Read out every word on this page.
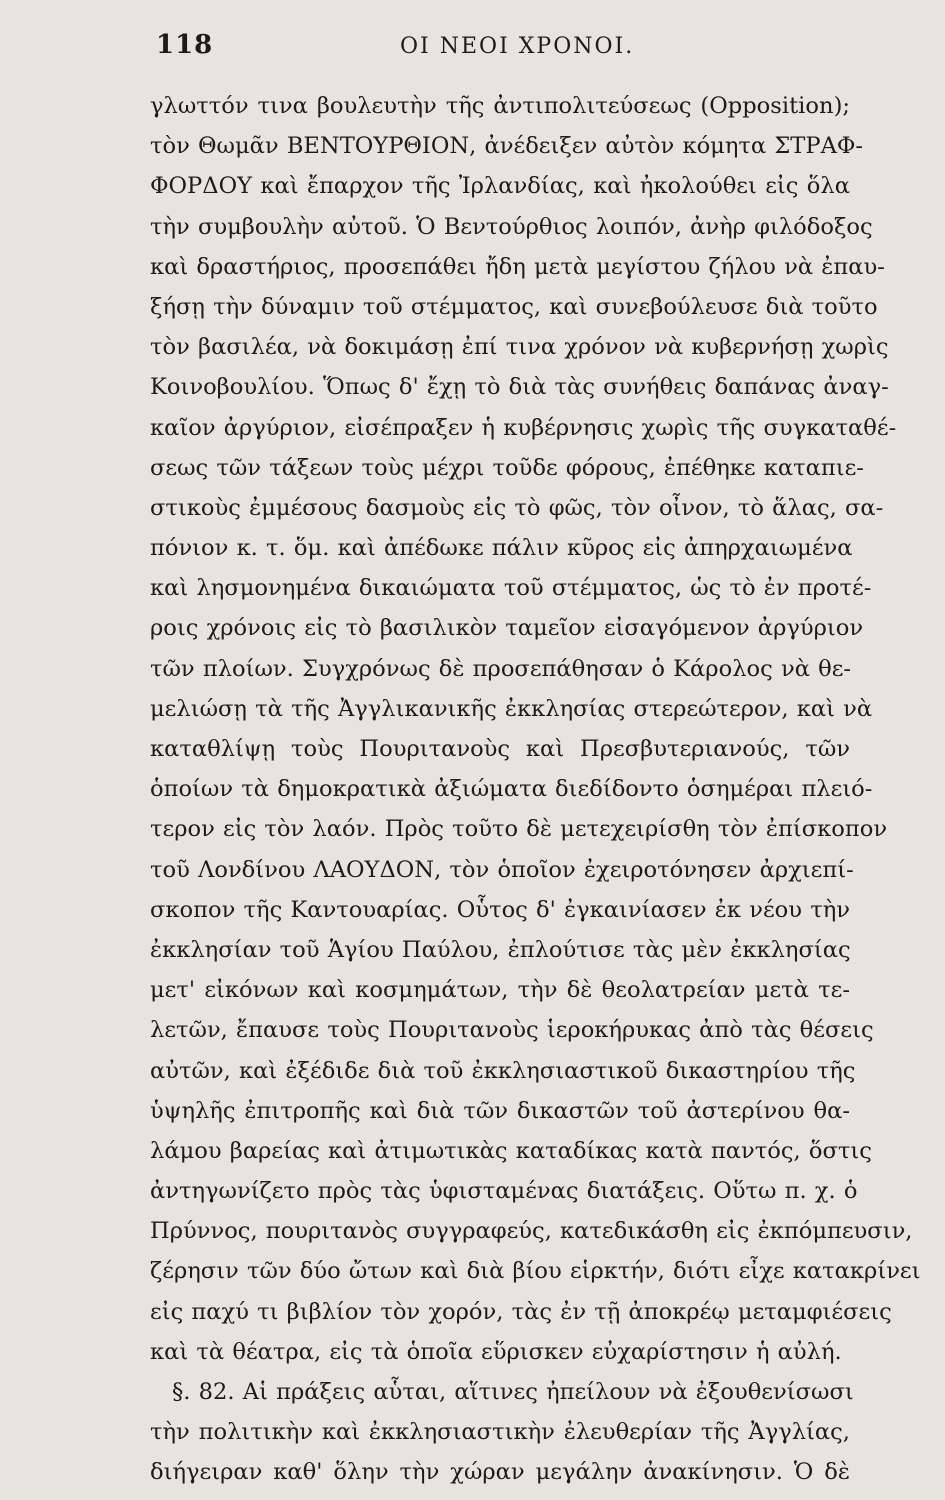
118	ΟΙ ΝΕΟΙ ΧΡΟΝΟΙ.
γλωττόν τινα βουλευτὴν τῆς ἀντιπολιτεύσεως (Opposition);
τὸν Θωμᾶν ΒΕΝΤΟΥΡΘΙΟΝ, ἀνέδειξεν αὐτὸν κόμητα ΣΤΡΑΦ-
ΦΟΡΔΟΥ καὶ ἔπαρχον τῆς Ἰρλανδίας, καὶ ἠκολούθει εἰς ὅλα
τὴν συμβουλὴν αὐτοῦ. Ὁ Βεντούρθιος λοιπόν, ἀνὴρ φιλόδοξος
καὶ δραστήριος, προσεπάθει ἤδη μετὰ μεγίστου ζήλου νὰ ἐπαυ-
ξήσῃ τὴν δύναμιν τοῦ στέμματος, καὶ συνεβούλευσε διὰ τοῦτο
τὸν βασιλέα, νὰ δοκιμάσῃ ἐπί τινα χρόνον νὰ κυβερνήσῃ χωρὶς
Κοινοβουλίου. Ὅπως δ' ἔχῃ τὸ διὰ τὰς συνήθεις δαπάνας ἀναγ-
καῖον ἀργύριον, εἰσέπραξεν ἡ κυβέρνησις χωρὶς τῆς συγκαταθέ-
σεως τῶν τάξεων τοὺς μέχρι τοῦδε φόρους, ἐπέθηκε καταπιε-
στικοὺς ἐμμέσους δασμοὺς εἰς τὸ φῶς, τὸν οἶνον, τὸ ἅλας, σα-
πόνιον κ. τ. ὅμ. καὶ ἀπέδωκε πάλιν κῦρος εἰς ἀπηρχαιωμένα
καὶ λησμονημένα δικαιώματα τοῦ στέμματος, ὡς τὸ ἐν προτέ-
ροις χρόνοις εἰς τὸ βασιλικὸν ταμεῖον εἰσαγόμενον ἀργύριον
τῶν πλοίων. Συγχρόνως δὲ προσεπάθησαν ὁ Κάρολος νὰ θε-
μελιώσῃ τὰ τῆς Ἀγγλικανικῆς ἐκκλησίας στερεώτερον, καὶ νὰ
καταθλίψῃ τοὺς Πουριτανοὺς καὶ Πρεσβυτεριανούς, τῶν
ὁποίων τὰ δημοκρατικὰ ἀξιώματα διεδίδοντο ὁσημέραι πλειό-
τερον εἰς τὸν λαόν. Πρὸς τοῦτο δὲ μετεχειρίσθη τὸν ἐπίσκοπον
τοῦ Λονδίνου ΛΑΟΥΔΟΝ, τὸν ὁποῖον ἐχειροτόνησεν ἀρχιεπί-
σκοπον τῆς Καντουαρίας. Οὗτος δ' ἐγκαινίασεν ἐκ νέου τὴν
ἐκκλησίαν τοῦ Ἁγίου Παύλου, ἐπλούτισε τὰς μὲν ἐκκλησίας
μετ' εἰκόνων καὶ κοσμημάτων, τὴν δὲ θεολατρείαν μετὰ τε-
λετῶν, ἔπαυσε τοὺς Πουριτανοὺς ἱεροκήρυκας ἀπὸ τὰς θέσεις
αὐτῶν, καὶ ἐξέδιδε διὰ τοῦ ἐκκλησιαστικοῦ δικαστηρίου τῆς
ὑψηλῆς ἐπιτροπῆς καὶ διὰ τῶν δικαστῶν τοῦ ἀστερίνου θα-
λάμου βαρείας καὶ ἀτιμωτικὰς καταδίκας κατὰ παντός, ὅστις
ἀντηγωνίζετο πρὸς τὰς ὑφισταμένας διατάξεις. Οὕτω π. χ. ὁ
Πρύννος, πουριτανὸς συγγραφεύς, κατεδικάσθη εἰς ἐκπόμπευσιν,
ζέρησιν τῶν δύο ὤτων καὶ διὰ βίου εἱρκτήν, διότι εἶχε κατακρίνει
εἰς παχύ τι βιβλίον τὸν χορόν, τὰς ἐν τῇ ἀποκρέῳ μεταμφιέσεις
καὶ τὰ θέατρα, εἰς τὰ ὁποῖα εὕρισκεν εὐχαρίστησιν ἡ αὐλή.
§. 82. Αἱ πράξεις αὗται, αἵτινες ἠπείλουν νὰ ἐξουθενίσωσι
τὴν πολιτικὴν καὶ ἐκκλησιαστικὴν ἐλευθερίαν τῆς Ἀγγλίας,
διήγειραν καθ' ὅλην τὴν χώραν μεγάλην ἀνακίνησιν. Ὁ δὲ
